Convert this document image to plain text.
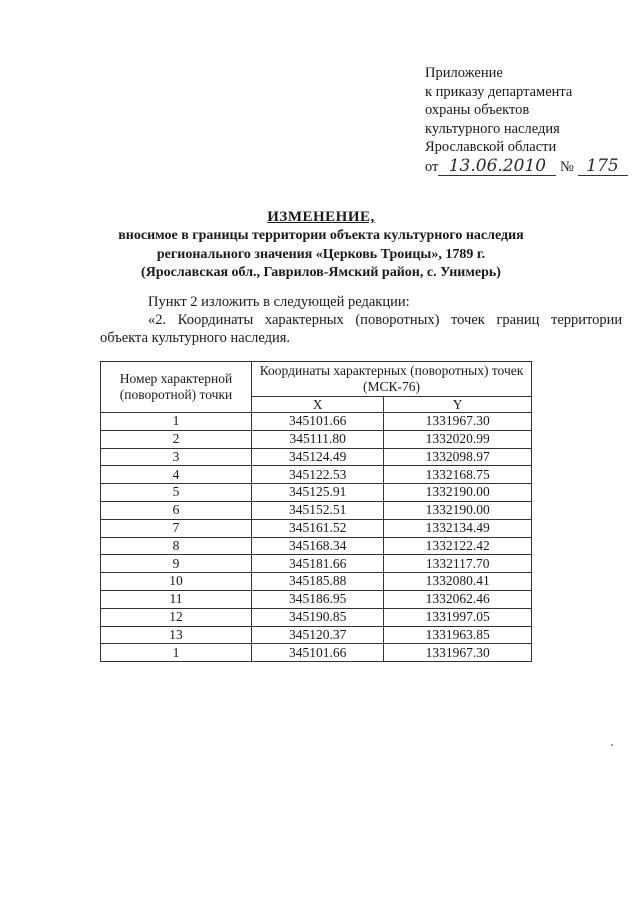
Приложение
к приказу департамента
охраны объектов
культурного наследия
Ярославской области
от 13.06.2010 № 175
ИЗМЕНЕНИЕ,
вносимое в границы территории объекта культурного наследия
регионального значения «Церковь Троицы», 1789 г.
(Ярославская обл., Гаврилов-Ямский район, с. Унимерь)
Пункт 2 изложить в следующей редакции:
«2. Координаты характерных (поворотных) точек границ территории
объекта культурного наследия.
Номер характерной (поворотной) точки	Координаты характерных (поворотных) точек (МСК-76)	
	X	Y
1	345101.66	1331967.30
2	345111.80	1332020.99
3	345124.49	1332098.97
4	345122.53	1332168.75
5	345125.91	1332190.00
6	345152.51	1332190.00
7	345161.52	1332134.49
8	345168.34	1332122.42
9	345181.66	1332117.70
10	345185.88	1332080.41
11	345186.95	1332062.46
12	345190.85	1331997.05
13	345120.37	1331963.85
1	345101.66	1331967.30
